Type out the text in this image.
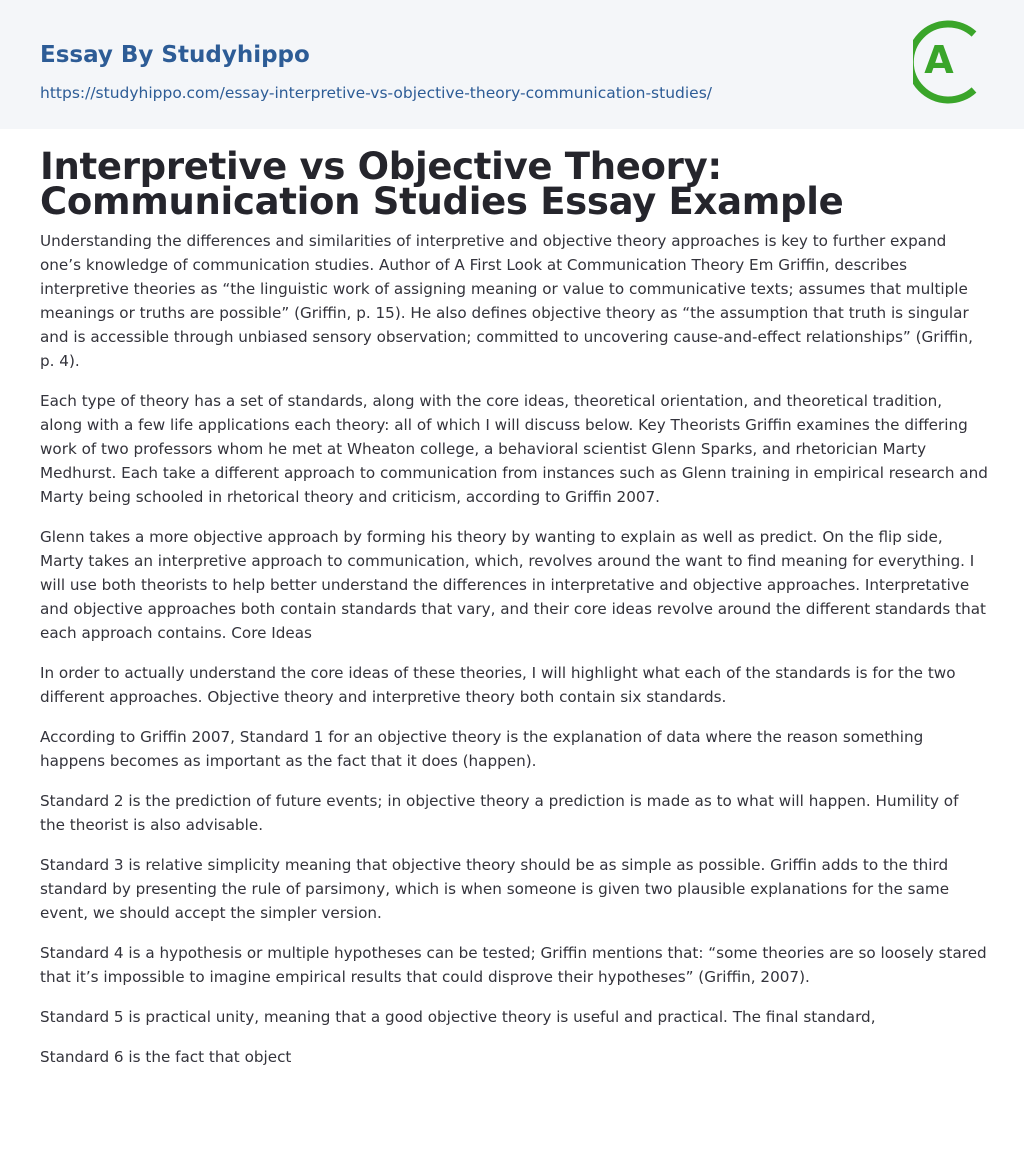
Essay By Studyhippo
https://studyhippo.com/essay-interpretive-vs-objective-theory-communication-studies/
A
Interpretive vs Objective Theory: Communication Studies Essay Example

Understanding the differences and similarities of interpretive and objective theory approaches is key to further expand one’s knowledge of communication studies. Author of A First Look at Communication Theory Em Griffin, describes interpretive theories as “the linguistic work of assigning meaning or value to communicative texts; assumes that multiple meanings or truths are possible” (Griffin, p. 15). He also defines objective theory as “the assumption that truth is singular and is accessible through unbiased sensory observation; committed to uncovering cause-and-effect relationships” (Griffin, p. 4).

Each type of theory has a set of standards, along with the core ideas, theoretical orientation, and theoretical tradition, along with a few life applications each theory: all of which I will discuss below. Key Theorists Griffin examines the differing work of two professors whom he met at Wheaton college, a behavioral scientist Glenn Sparks, and rhetorician Marty Medhurst. Each take a different approach to communication from instances such as Glenn training in empirical research and Marty being schooled in rhetorical theory and criticism, according to Griffin 2007.

Glenn takes a more objective approach by forming his theory by wanting to explain as well as predict. On the flip side, Marty takes an interpretive approach to communication, which, revolves around the want to find meaning for everything. I will use both theorists to help better understand the differences in interpretative and objective approaches. Interpretative and objective approaches both contain standards that vary, and their core ideas revolve around the different standards that each approach contains. Core Ideas

In order to actually understand the core ideas of these theories, I will highlight what each of the standards is for the two different approaches. Objective theory and interpretive theory both contain six standards.

According to Griffin 2007, Standard 1 for an objective theory is the explanation of data where the reason something happens becomes as important as the fact that it does (happen).

Standard 2 is the prediction of future events; in objective theory a prediction is made as to what will happen. Humility of the theorist is also advisable.

Standard 3 is relative simplicity meaning that objective theory should be as simple as possible. Griffin adds to the third standard by presenting the rule of parsimony, which is when someone is given two plausible explanations for the same event, we should accept the simpler version.

Standard 4 is a hypothesis or multiple hypotheses can be tested; Griffin mentions that: “some theories are so loosely stared that it’s impossible to imagine empirical results that could disprove their hypotheses” (Griffin, 2007).

Standard 5 is practical unity, meaning that a good objective theory is useful and practical. The final standard,

Standard 6 is the fact that object
